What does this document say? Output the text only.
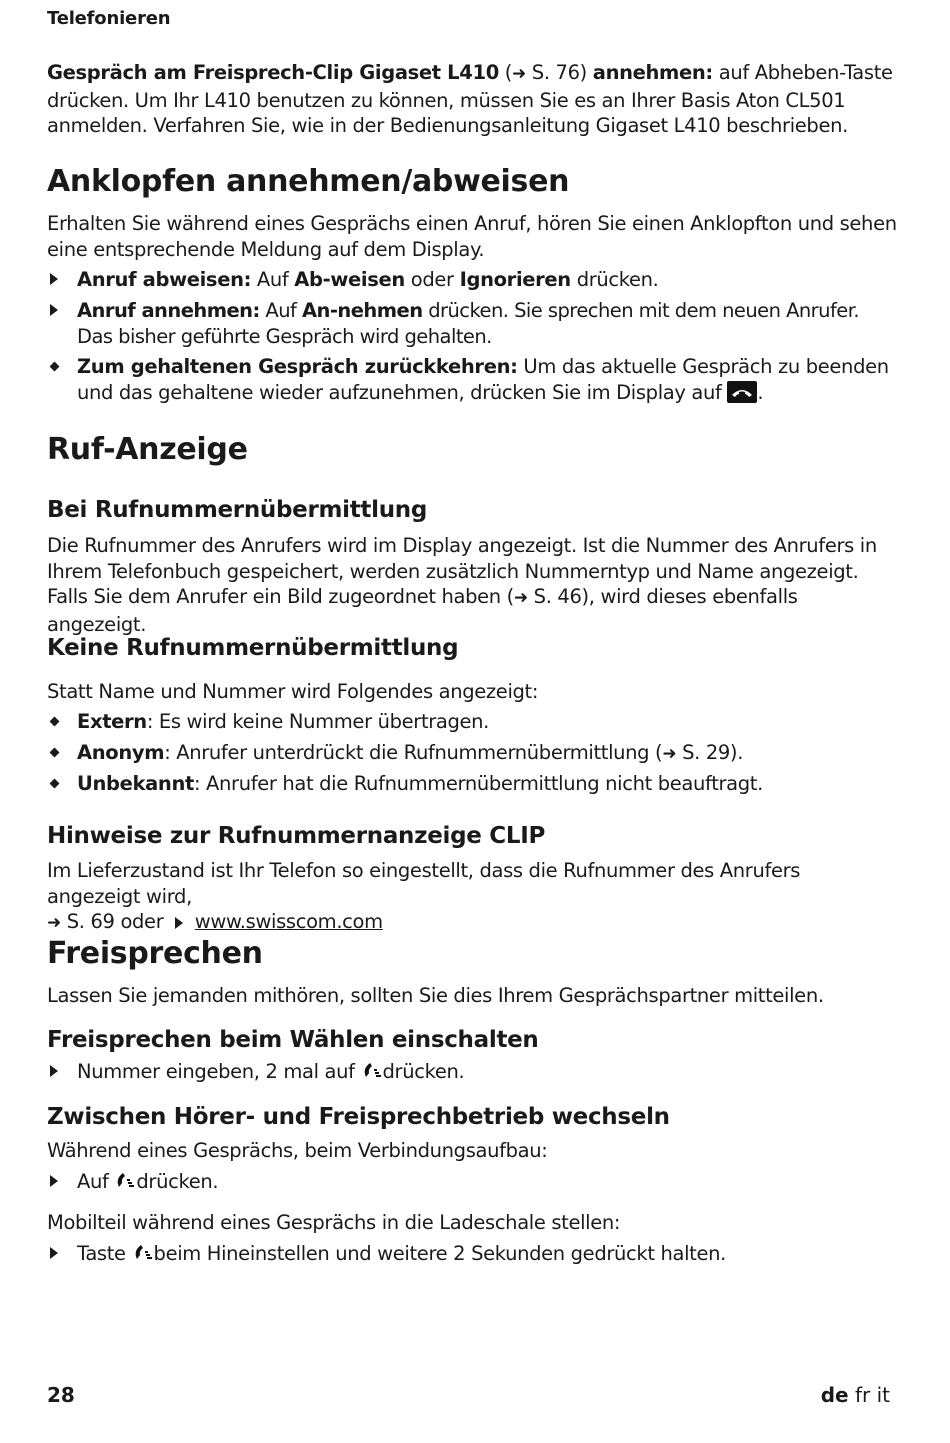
Telefonieren
Gespräch am Freisprech-Clip Gigaset L410 (➜ S. 76) annehmen: auf Abheben-Taste drücken. Um Ihr L410 benutzen zu können, müssen Sie es an Ihrer Basis Aton CL501 anmelden. Verfahren Sie, wie in der Bedienungsanleitung Gigaset L410 beschrieben.
Anklopfen annehmen/abweisen
Erhalten Sie während eines Gesprächs einen Anruf, hören Sie einen Anklopfton und sehen eine entsprechende Meldung auf dem Display.
Anruf abweisen: Auf Ab-weisen oder Ignorieren drücken.
Anruf annehmen: Auf An-nehmen drücken. Sie sprechen mit dem neuen Anrufer. Das bisher geführte Gespräch wird gehalten.
Zum gehaltenen Gespräch zurückkehren: Um das aktuelle Gespräch zu beenden und das gehaltene wieder aufzunehmen, drücken Sie im Display auf .
Ruf-Anzeige
Bei Rufnummernübermittlung
Die Rufnummer des Anrufers wird im Display angezeigt. Ist die Nummer des Anrufers in Ihrem Telefonbuch gespeichert, werden zusätzlich Nummerntyp und Name angezeigt. Falls Sie dem Anrufer ein Bild zugeordnet haben (➜ S. 46), wird dieses ebenfalls angezeigt.
Keine Rufnummernübermittlung
Statt Name und Nummer wird Folgendes angezeigt:
Extern: Es wird keine Nummer übertragen.
Anonym: Anrufer unterdrückt die Rufnummernübermittlung (➜ S. 29).
Unbekannt: Anrufer hat die Rufnummernübermittlung nicht beauftragt.
Hinweise zur Rufnummernanzeige CLIP
Im Lieferzustand ist Ihr Telefon so eingestellt, dass die Rufnummer des Anrufers angezeigt wird,
➜ S. 69 oder www.swisscom.com
Freisprechen
Lassen Sie jemanden mithören, sollten Sie dies Ihrem Gesprächspartner mitteilen.
Freisprechen beim Wählen einschalten
Nummer eingeben, 2 mal auf drücken.
Zwischen Hörer- und Freisprechbetrieb wechseln
Während eines Gesprächs, beim Verbindungsaufbau:
Auf drücken.
Mobilteil während eines Gesprächs in die Ladeschale stellen:
Taste beim Hineinstellen und weitere 2 Sekunden gedrückt halten.
28	de fr it
